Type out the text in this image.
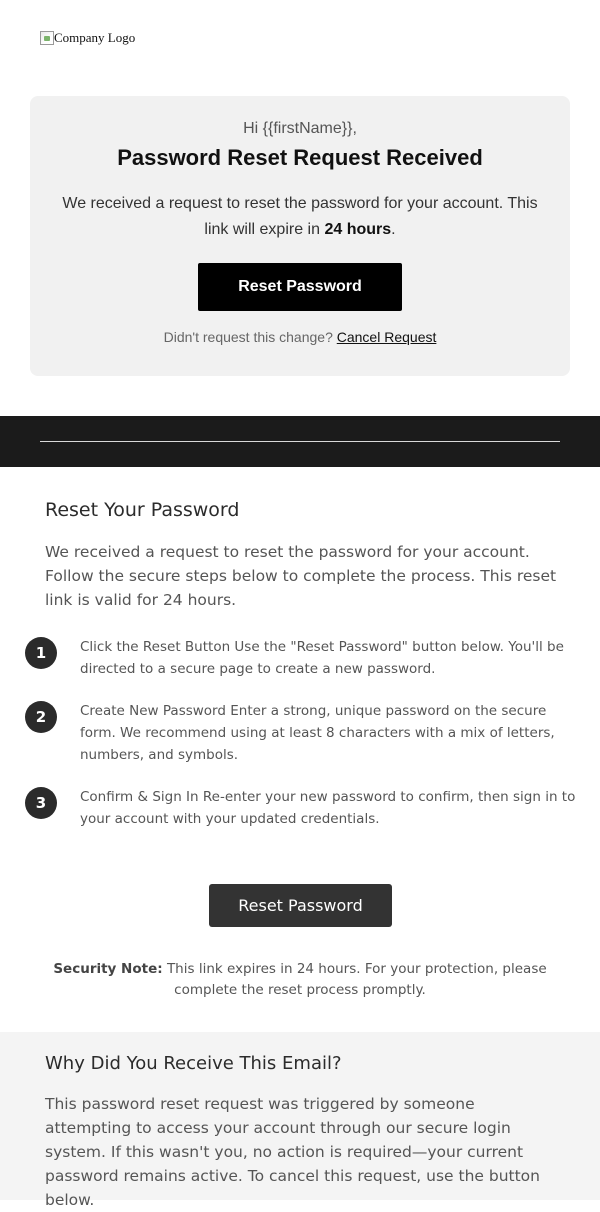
Company Logo
Hi {{firstName}},
Password Reset Request Received
We received a request to reset the password for your account. This link will expire in 24 hours.
Reset Password
Didn't request this change? Cancel Request
Reset Your Password
We received a request to reset the password for your account. Follow the secure steps below to complete the process. This reset link is valid for 24 hours.
1	Click the Reset Button Use the "Reset Password" button below. You'll be directed to a secure page to create a new password.
2	Create New Password Enter a strong, unique password on the secure form. We recommend using at least 8 characters with a mix of letters, numbers, and symbols.
3	Confirm & Sign In Re-enter your new password to confirm, then sign in to your account with your updated credentials.
Reset Password
Security Note: This link expires in 24 hours. For your protection, please complete the reset process promptly.
Why Did You Receive This Email?
This password reset request was triggered by someone attempting to access your account through our secure login system. If this wasn't you, no action is required—your current password remains active. To cancel this request, use the button below.
